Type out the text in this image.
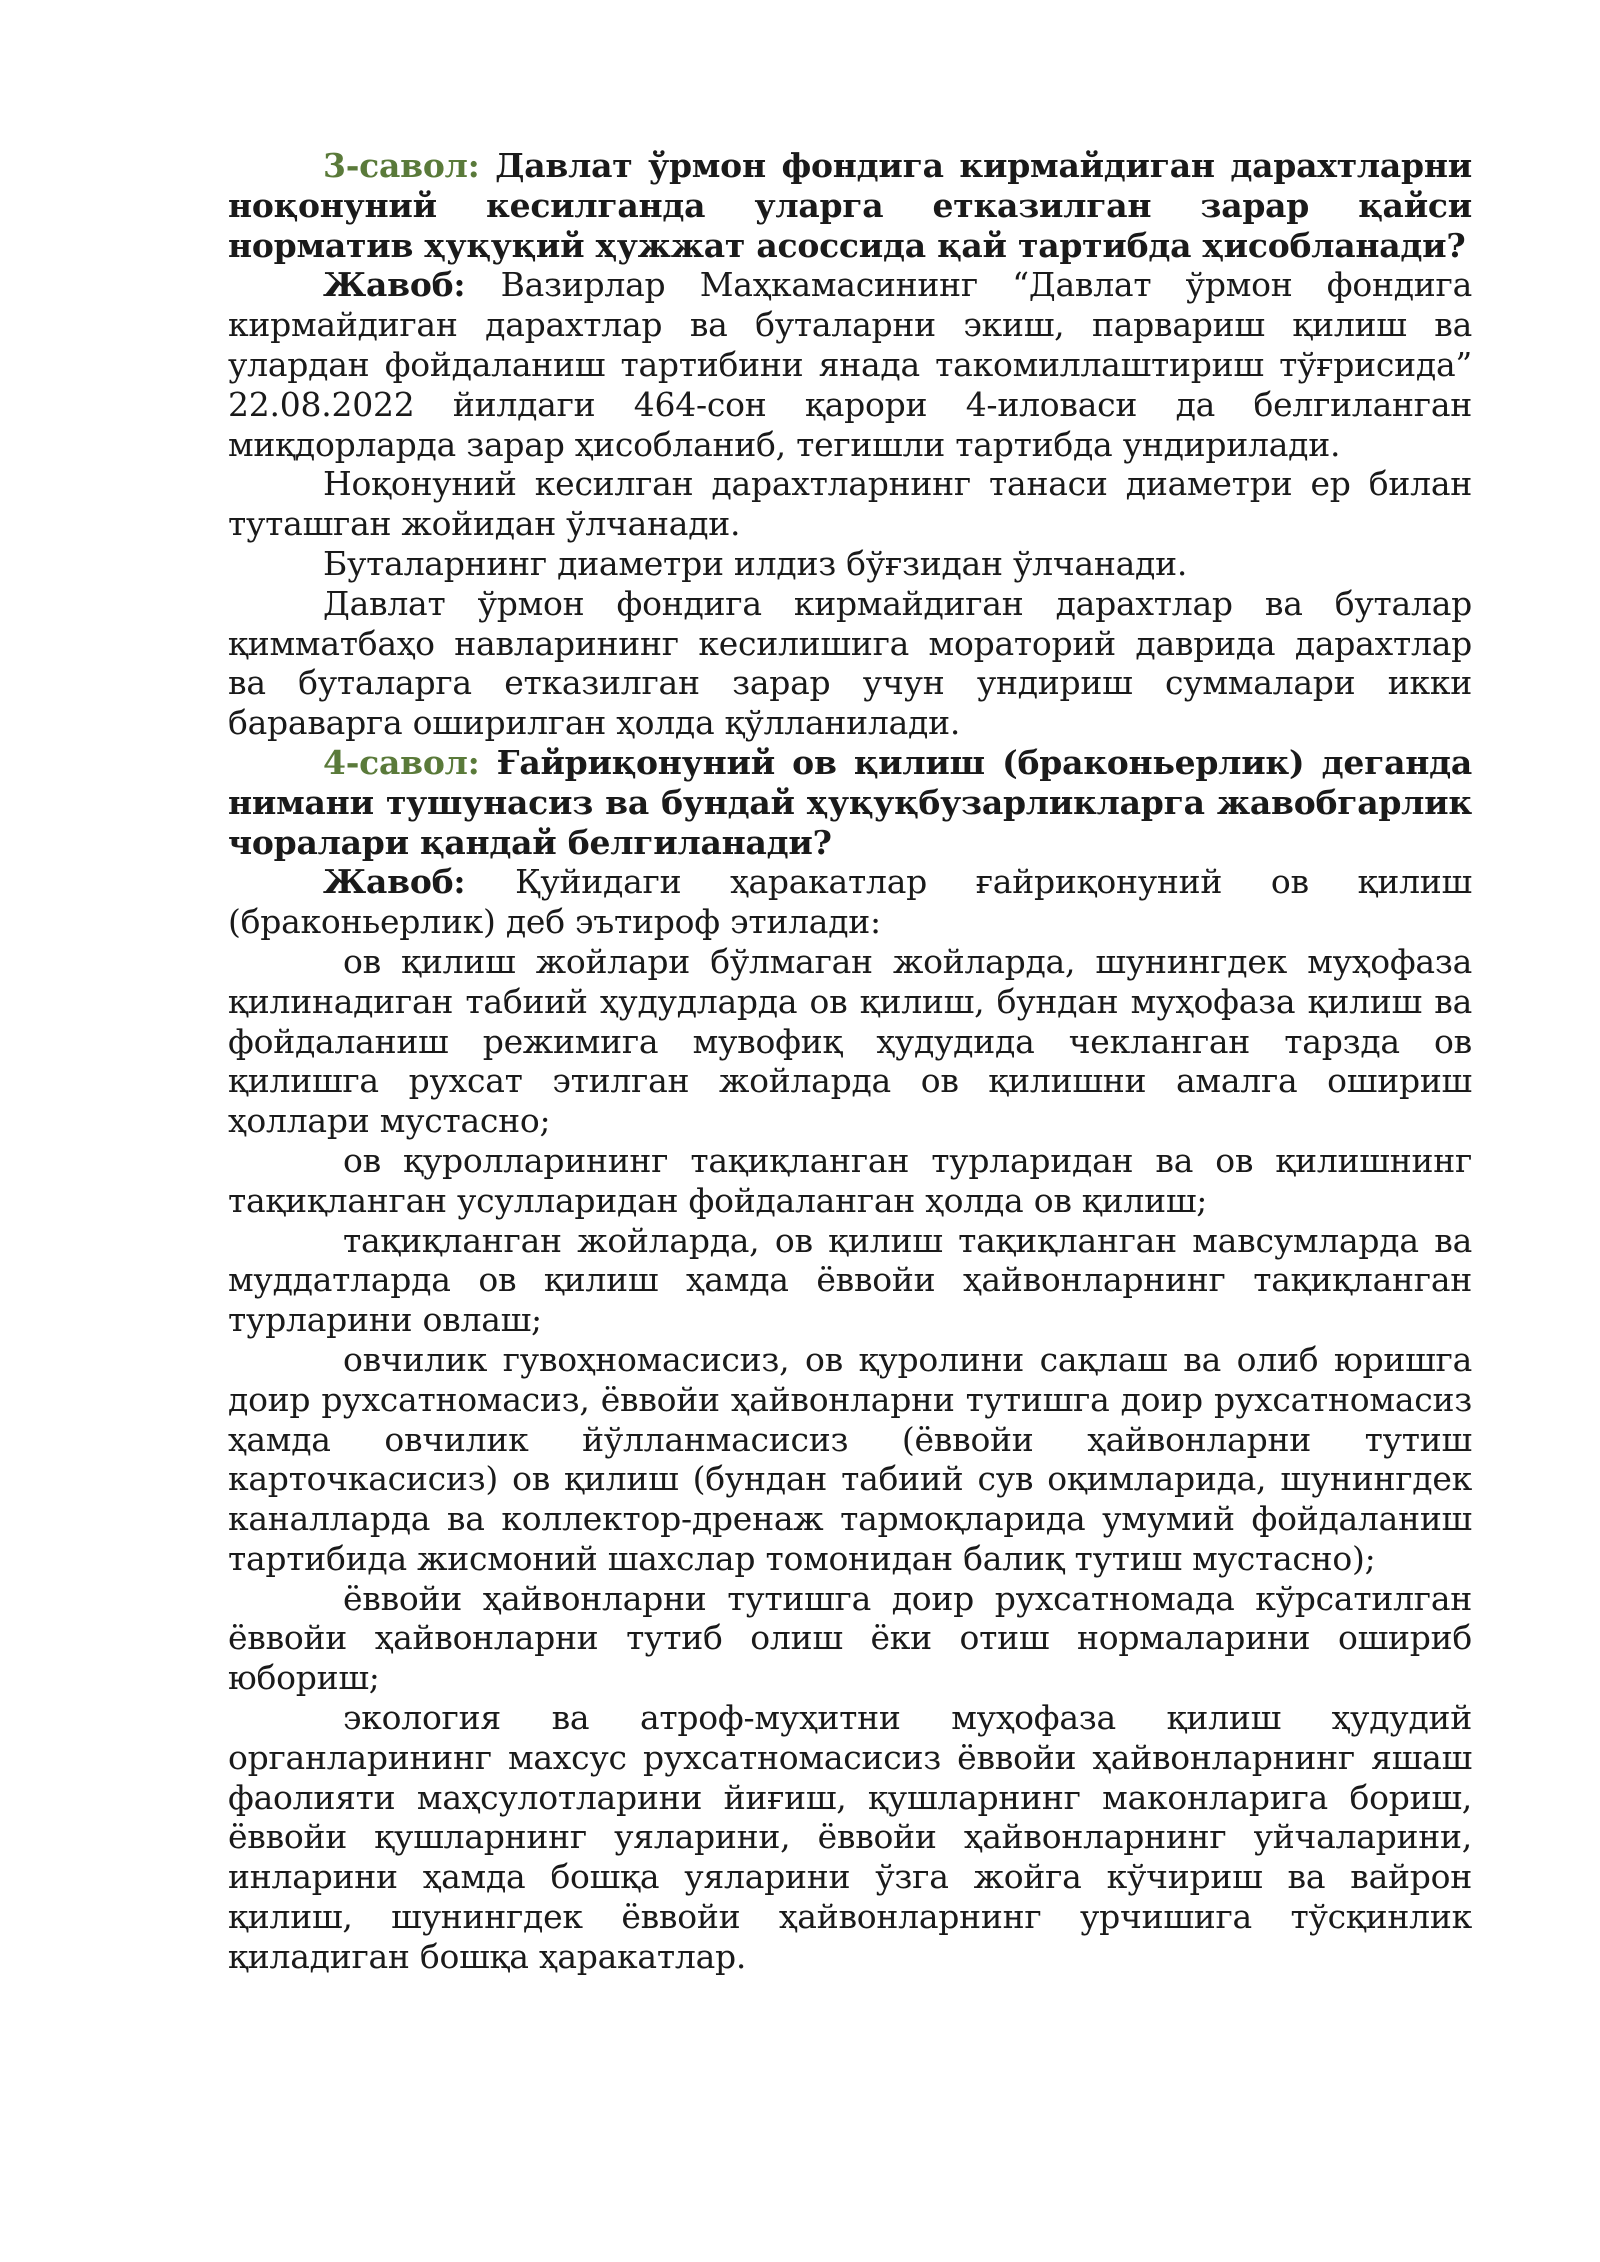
3-савол: Давлат ўрмон фондига кирмайдиган дарахтларни ноқонуний кесилганда уларга етказилган зарар қайси норматив ҳуқуқий ҳужжат асоссида қай тартибда ҳисобланади?

Жавоб: Вазирлар Маҳкамасининг “Давлат ўрмон фондига кирмайдиган дарахтлар ва буталарни экиш, парвариш қилиш ва улардан фойдаланиш тартибини янада такомиллаштириш тўғрисида” 22.08.2022 йилдаги 464-сон қарори 4-иловаси да белгиланган миқдорларда зарар ҳисобланиб, тегишли тартибда ундирилади.

Ноқонуний кесилган дарахтларнинг танаси диаметри ер билан туташган жойидан ўлчанади.

Буталарнинг диаметри илдиз бўғзидан ўлчанади.

Давлат ўрмон фондига кирмайдиган дарахтлар ва буталар қимматбаҳо навларининг кесилишига мораторий даврида дарахтлар ва буталарга етказилган зарар учун ундириш суммалари икки бараварга оширилган ҳолда қўлланилади.

4-савол: Ғайриқонуний ов қилиш (браконьерлик) деганда нимани тушунасиз ва бундай ҳуқуқбузарликларга жавобгарлик чоралари қандай белгиланади?

Жавоб: Қуйидаги ҳаракатлар ғайриқонуний ов қилиш (браконьерлик) деб эътироф этилади:

ов қилиш жойлари бўлмаган жойларда, шунингдек муҳофаза қилинадиган табиий ҳудудларда ов қилиш, бундан муҳофаза қилиш ва фойдаланиш режимига мувофиқ ҳудудида чекланган тарзда ов қилишга рухсат этилган жойларда ов қилишни амалга ошириш ҳоллари мустасно;

ов қуролларининг тақиқланган турларидан ва ов қилишнинг тақиқланган усулларидан фойдаланган ҳолда ов қилиш;

тақиқланган жойларда, ов қилиш тақиқланган мавсумларда ва муддатларда ов қилиш ҳамда ёввойи ҳайвонларнинг тақиқланган турларини овлаш;

овчилик гувоҳномасисиз, ов қуролини сақлаш ва олиб юришга доир рухсатномасиз, ёввойи ҳайвонларни тутишга доир рухсатномасиз ҳамда овчилик йўлланмасисиз (ёввойи ҳайвонларни тутиш карточкасисиз) ов қилиш (бундан табиий сув оқимларида, шунингдек каналларда ва коллектор-дренаж тармоқларида умумий фойдаланиш тартибида жисмоний шахслар томонидан балиқ тутиш мустасно);

ёввойи ҳайвонларни тутишга доир рухсатномада кўрсатилган ёввойи ҳайвонларни тутиб олиш ёки отиш нормаларини ошириб юбориш;

экология ва атроф-муҳитни муҳофаза қилиш ҳудудий органларининг махсус рухсатномасисиз ёввойи ҳайвонларнинг яшаш фаолияти маҳсулотларини йиғиш, қушларнинг маконларига бориш, ёввойи қушларнинг уяларини, ёввойи ҳайвонларнинг уйчаларини, инларини ҳамда бошқа уяларини ўзга жойга кўчириш ва вайрон қилиш, шунингдек ёввойи ҳайвонларнинг урчишига тўсқинлик қиладиган бошқа ҳаракатлар.
